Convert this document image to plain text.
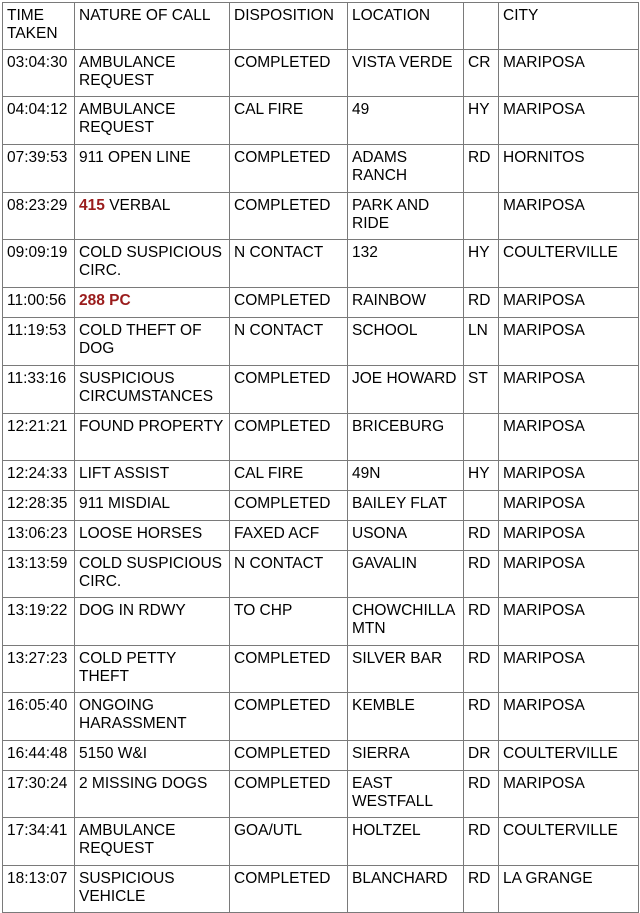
TIME TAKEN	NATURE OF CALL	DISPOSITION	LOCATION		CITY
03:04:30	AMBULANCE REQUEST	COMPLETED	VISTA VERDE	CR	MARIPOSA
04:04:12	AMBULANCE REQUEST	CAL FIRE	49	HY	MARIPOSA
07:39:53	911 OPEN LINE	COMPLETED	ADAMS RANCH	RD	HORNITOS
08:23:29	415 VERBAL	COMPLETED	PARK AND RIDE		MARIPOSA
09:09:19	COLD SUSPICIOUS CIRC.	N CONTACT	132	HY	COULTERVILLE
11:00:56	288 PC	COMPLETED	RAINBOW	RD	MARIPOSA
11:19:53	COLD THEFT OF DOG	N CONTACT	SCHOOL	LN	MARIPOSA
11:33:16	SUSPICIOUS CIRCUMSTANCES	COMPLETED	JOE HOWARD	ST	MARIPOSA
12:21:21	FOUND PROPERTY	COMPLETED	BRICEBURG		MARIPOSA
12:24:33	LIFT ASSIST	CAL FIRE	49N	HY	MARIPOSA
12:28:35	911 MISDIAL	COMPLETED	BAILEY FLAT		MARIPOSA
13:06:23	LOOSE HORSES	FAXED ACF	USONA	RD	MARIPOSA
13:13:59	COLD SUSPICIOUS CIRC.	N CONTACT	GAVALIN	RD	MARIPOSA
13:19:22	DOG IN RDWY	TO CHP	CHOWCHILLA MTN	RD	MARIPOSA
13:27:23	COLD PETTY THEFT	COMPLETED	SILVER BAR	RD	MARIPOSA
16:05:40	ONGOING HARASSMENT	COMPLETED	KEMBLE	RD	MARIPOSA
16:44:48	5150 W&I	COMPLETED	SIERRA	DR	COULTERVILLE
17:30:24	2 MISSING DOGS	COMPLETED	EAST WESTFALL	RD	MARIPOSA
17:34:41	AMBULANCE REQUEST	GOA/UTL	HOLTZEL	RD	COULTERVILLE
18:13:07	SUSPICIOUS VEHICLE	COMPLETED	BLANCHARD	RD	LA GRANGE
